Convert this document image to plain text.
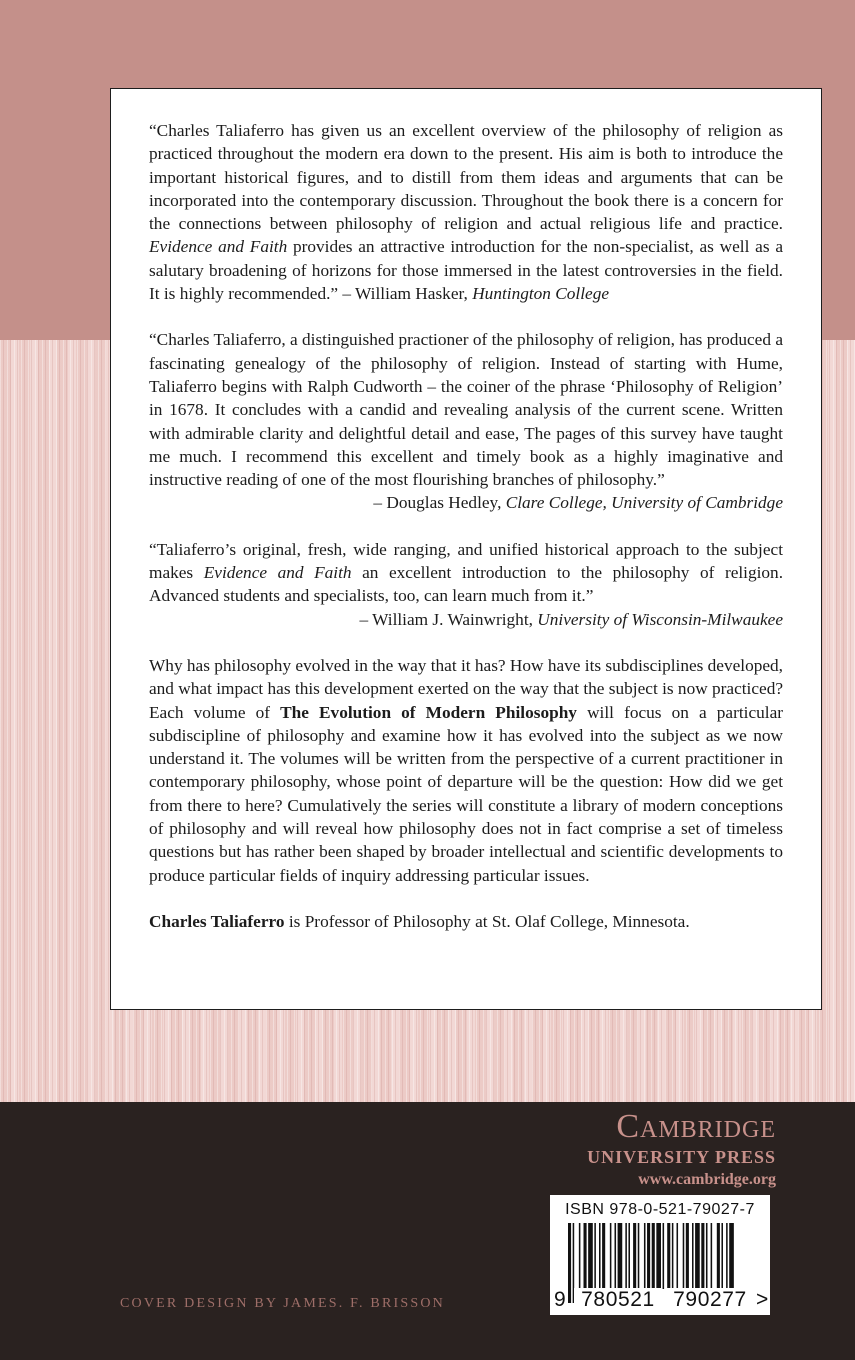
“Charles Taliaferro has given us an excellent overview of the philosophy of religion as practiced throughout the modern era down to the present. His aim is both to introduce the important historical figures, and to distill from them ideas and arguments that can be incorporated into the contemporary discussion. Throughout the book there is a concern for the connections between philosophy of religion and actual religious life and practice. Evidence and Faith provides an attractive introduction for the non-specialist, as well as a salutary broadening of horizons for those immersed in the latest controversies in the field. It is highly recommended.” – William Hasker, Huntington College

“Charles Taliaferro, a distinguished practioner of the philosophy of religion, has produced a fascinating genealogy of the philosophy of religion. Instead of starting with Hume, Taliaferro begins with Ralph Cudworth – the coiner of the phrase ‘Philosophy of Religion’ in 1678. It concludes with a candid and revealing analysis of the current scene. Written with admirable clarity and delightful detail and ease, The pages of this survey have taught me much. I recommend this excellent and timely book as a highly imaginative and instructive reading of one of the most flourishing branches of philosophy.”
– Douglas Hedley, Clare College, University of Cambridge

“Taliaferro’s original, fresh, wide ranging, and unified historical approach to the subject makes Evidence and Faith an excellent introduction to the philosophy of religion. Advanced students and specialists, too, can learn much from it.”
– William J. Wainwright, University of Wisconsin-Milwaukee

Why has philosophy evolved in the way that it has? How have its subdisciplines developed, and what impact has this development exerted on the way that the subject is now practiced? Each volume of The Evolution of Modern Philosophy will focus on a particular subdiscipline of philosophy and examine how it has evolved into the subject as we now understand it. The volumes will be written from the perspective of a current practitioner in contemporary philosophy, whose point of departure will be the question: How did we get from there to here? Cumulatively the series will constitute a library of modern conceptions of philosophy and will reveal how philosophy does not in fact comprise a set of timeless questions but has rather been shaped by broader intellectual and scientific developments to produce particular fields of inquiry addressing particular issues.

Charles Taliaferro is Professor of Philosophy at St. Olaf College, Minnesota.

Cambridge
UNIVERSITY PRESS
www.cambridge.org
ISBN 978-0-521-79027-7
9 780521 790277 >
COVER DESIGN BY JAMES. F. BRISSON
